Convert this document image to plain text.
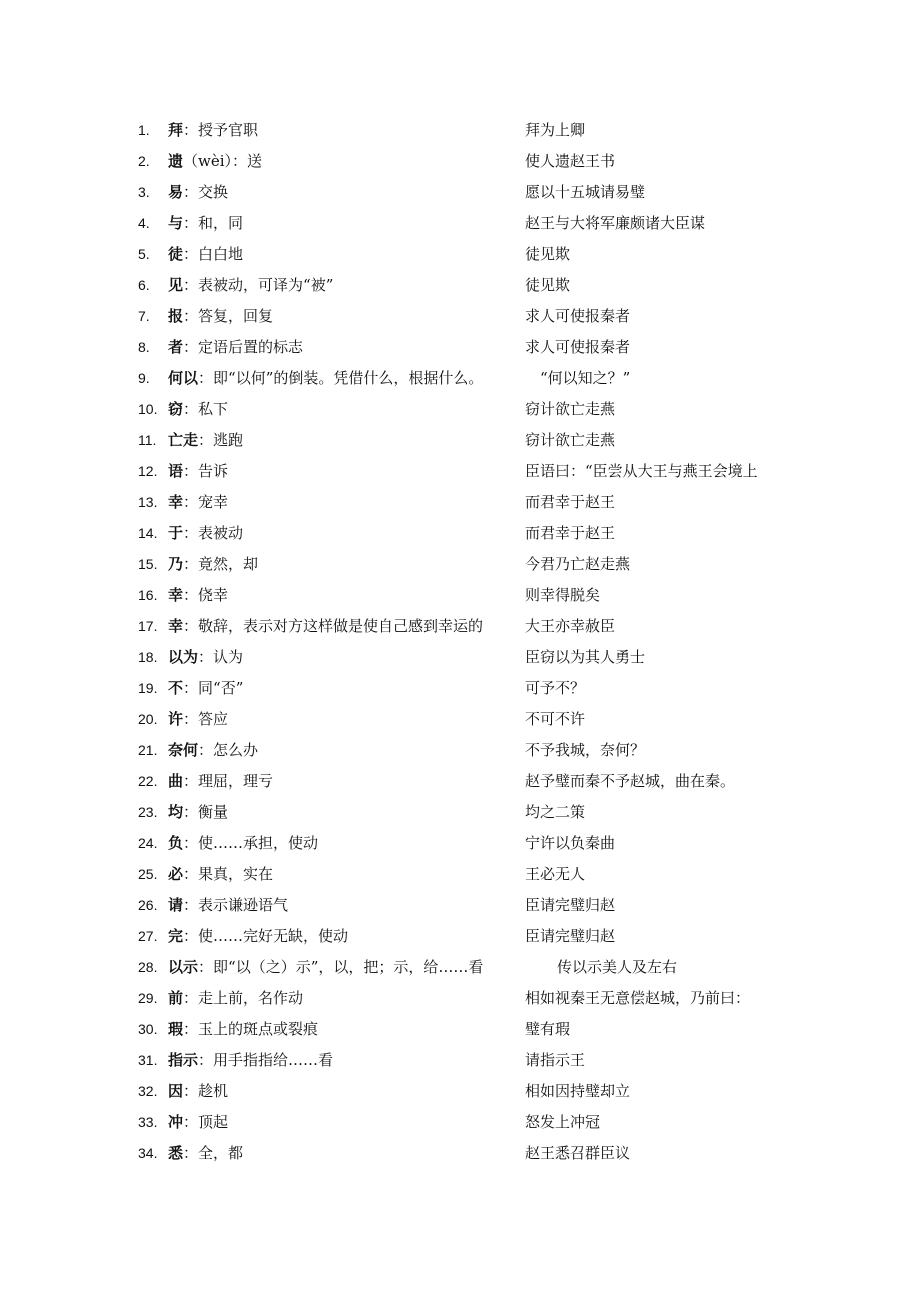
1. 拜：授予官职	拜为上卿
2. 遗（wèi）：送	使人遗赵王书
3. 易：交换	愿以十五城请易璧
4. 与：和，同	赵王与大将军廉颇诸大臣谋
5. 徒：白白地	徒见欺
6. 见：表被动，可译为“被”	徒见欺
7. 报：答复，回复	求人可使报秦者
8. 者：定语后置的标志	求人可使报秦者
9. 何以：即“以何”的倒装。凭借什么，根据什么。	“何以知之？”
10. 窃：私下	窃计欲亡走燕
11. 亡走：逃跑	窃计欲亡走燕
12. 语：告诉	臣语曰：“臣尝从大王与燕王会境上
13. 幸：宠幸	而君幸于赵王
14. 于：表被动	而君幸于赵王
15. 乃：竟然，却	今君乃亡赵走燕
16. 幸：侥幸	则幸得脱矣
17. 幸：敬辞，表示对方这样做是使自己感到幸运的	大王亦幸赦臣
18. 以为：认为	臣窃以为其人勇士
19. 不：同“否”	可予不？
20. 许：答应	不可不许
21. 奈何：怎么办	不予我城，奈何？
22. 曲：理屈，理亏	赵予璧而秦不予赵城，曲在秦。
23. 均：衡量	均之二策
24. 负：使……承担，使动	宁许以负秦曲
25. 必：果真，实在	王必无人
26. 请：表示谦逊语气	臣请完璧归赵
27. 完：使……完好无缺，使动	臣请完璧归赵
28. 以示：即“以（之）示”，以，把；示，给……看	传以示美人及左右
29. 前：走上前，名作动	相如视秦王无意偿赵城，乃前曰：
30. 瑕：玉上的斑点或裂痕	璧有瑕
31. 指示：用手指指给……看	请指示王
32. 因：趁机	相如因持璧却立
33. 冲：顶起	怒发上冲冠
34. 悉：全，都	赵王悉召群臣议
